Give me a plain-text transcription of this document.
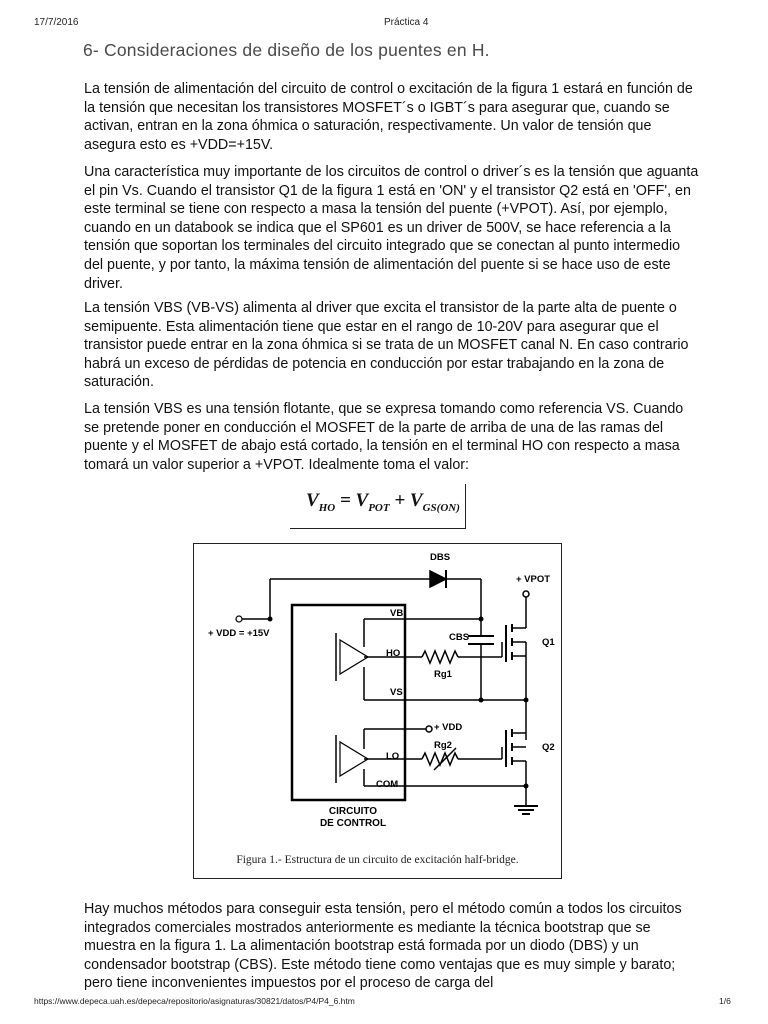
17/7/2016	Práctica 4
6- Consideraciones de diseño de los puentes en H.

La tensión de alimentación del circuito de control o excitación de la figura 1 estará en función de la tensión que necesitan los transistores MOSFET´s o IGBT´s para asegurar que, cuando se activan, entran en la zona óhmica o saturación, respectivamente. Un valor de tensión que asegura esto es +VDD=+15V.

Una característica muy importante de los circuitos de control o driver´s es la tensión que aguanta el pin Vs. Cuando el transistor Q1 de la figura 1 está en 'ON' y el transistor Q2 está en 'OFF', en este terminal se tiene con respecto a masa la tensión del puente (+VPOT). Así, por ejemplo, cuando en un databook se indica que el SP601 es un driver de 500V, se hace referencia a la tensión que soportan los terminales del circuito integrado que se conectan al punto intermedio del puente, y por tanto, la máxima tensión de alimentación del puente si se hace uso de este driver.

La tensión VBS (VB-VS) alimenta al driver que excita el transistor de la parte alta de puente o semipuente. Esta alimentación tiene que estar en el rango de 10-20V para asegurar que el transistor puede entrar en la zona óhmica si se trata de un MOSFET canal N. En caso contrario habrá un exceso de pérdidas de potencia en conducción por estar trabajando en la zona de saturación.

La tensión VBS es una tensión flotante, que se expresa tomando como referencia VS. Cuando se pretende poner en conducción el MOSFET de la parte de arriba de una de las ramas del puente y el MOSFET de abajo está cortado, la tensión en el terminal HO con respecto a masa tomará un valor superior a +VPOT. Idealmente toma el valor:

$V_{HO} = V_{POT} + V_{GS(ON)}$
DBS
+ VPOT
+ VDD = +15V
VB
HO
VS
CBS
Rg1
Q1
+ VDD
LO
Rg2	Q2
COM
CIRCUITO
DE CONTROL
Figura 1.- Estructura de un circuito de excitación half-bridge.

Hay muchos métodos para conseguir esta tensión, pero el método común a todos los circuitos integrados comerciales mostrados anteriormente es mediante la técnica bootstrap que se muestra en la figura 1. La alimentación bootstrap está formada por un diodo (DBS) y un condensador bootstrap (CBS). Este método tiene como ventajas que es muy simple y barato; pero tiene inconvenientes impuestos por el proceso de carga del

https://www.depeca.uah.es/depeca/repositorio/asignaturas/30821/datos/P4/P4_6.htm	1/6
